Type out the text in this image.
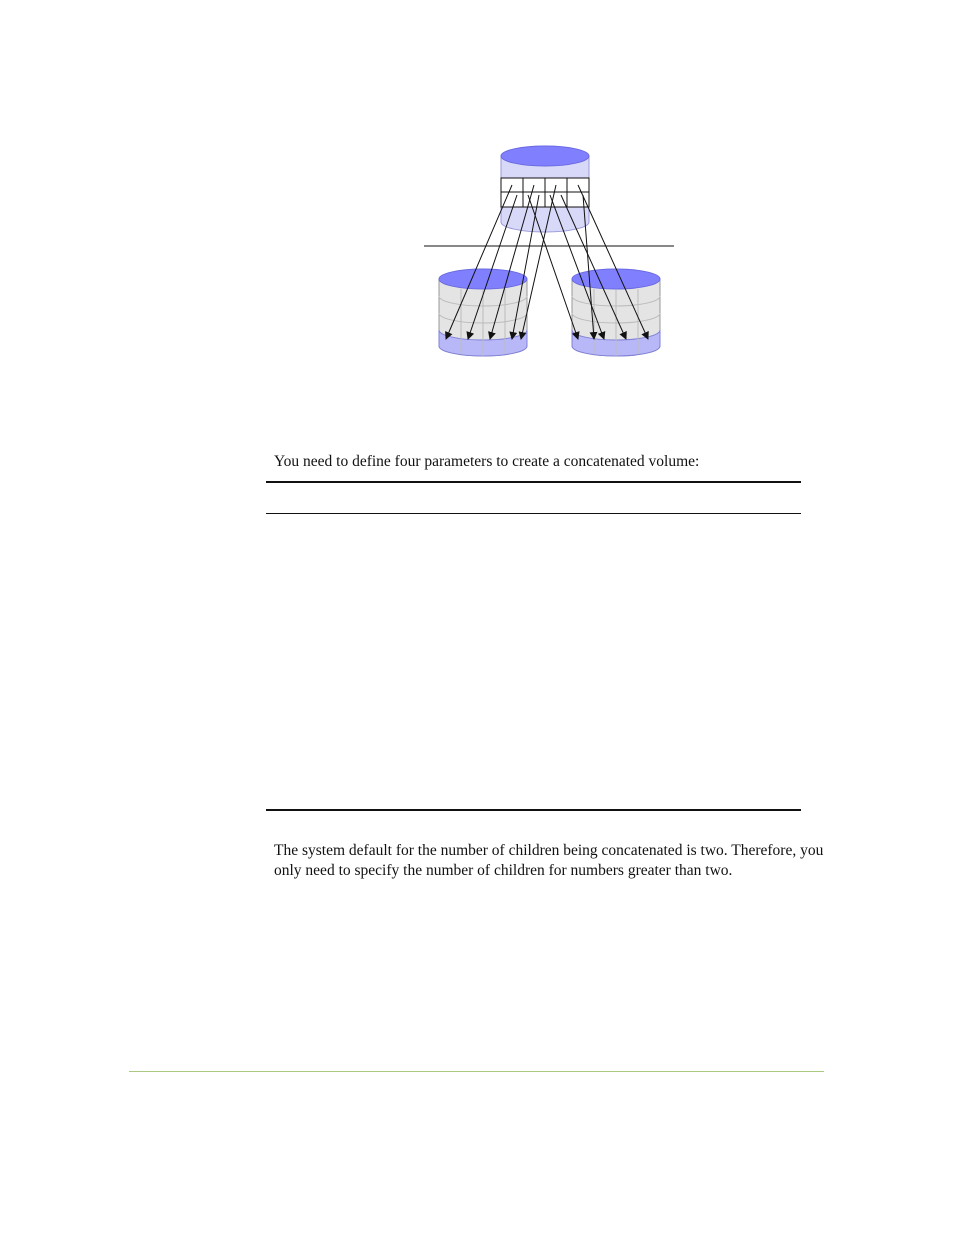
You need to define four parameters to create a concatenated volume:

The system default for the number of children being concatenated is two. Therefore, you only need to specify the number of children for numbers greater than two.
